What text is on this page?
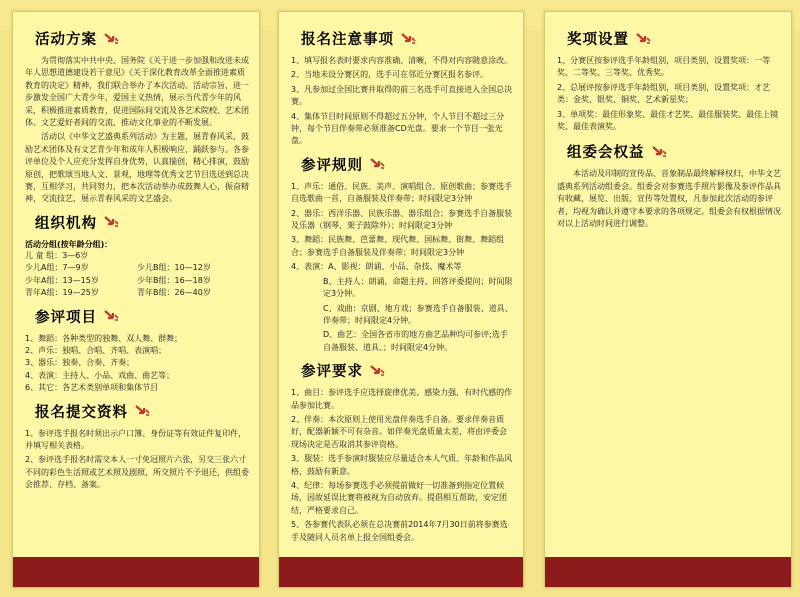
活动方案

为贯彻落实中共中央、国务院《关于进一步加强和改进未成年人思想道德建设若干意见》《关于深化教育改革全面推进素质教育的决定》精神，我们联合举办了本次活动。活动宗旨，进一步激发全国广大青少年，爱国主义热情，展示当代青少年的风采，积极推进素质教育，促进国际间交流及各艺术院校、艺术团体、文艺爱好者间的交流，推动文化事业的不断发展。

活动以《中华文艺盛典系列活动》为主题，展青春风采，鼓励艺术团体及有文艺青少年和成年人积极响应，踊跃参与。各参评单位及个人应充分发挥自身优势，认真揣创，精心排演，鼓励原创，把歌颂当地人文、景观，地理等优秀文艺节目选送到总决赛，互相学习，共同努力，把本次活动举办成鼓舞人心，振奋精神，交流技艺，展示青春风采的文艺盛会。

组织机构
活动分组(按年龄分组)：
儿 童 组：3—6岁
少儿A组：7—9岁	少儿B组：10—12岁
少年A组：13—15岁	少年B组：16—18岁
青年A组：19—25岁	青年B组：26—40岁
参评项目
1、舞蹈：各种类型的独舞、双人舞、群舞；
2、声乐：独唱、合唱、齐唱、表演唱；
3、器乐：独奏、合奏、齐奏；
4、表演：主持人、小品、戏曲、曲艺等；
6、其它：各艺术类别单项和集体节目
报名提交资料

1、参评选手报名时须出示户口簿、身份证等有效证件复印件，并填写相关表格。

2、参评选手报名时需交本人一寸免冠照片六张，另交三张六寸不同的彩色生活照或艺术照及剧照，所交照片不予退还，供组委会推荐、存档、备案。

报名注意事项

1、填写报名表时要求内容准确、清晰，不得对内容随意涂改。

2、当地未设分赛区的，选手可在邻近分赛区报名参评。

3、凡参加过全国比赛并取得的前三名选手可直接进入全国总决赛。

4、集体节目时间原则不得超过五分钟，个人节目不超过三分钟，每个节目伴奏带必须准备CD光盘。要求一个节目一张光盘。

参评规则

1、声乐：通俗、民族、美声、演唱组合、原创歌曲；参赛选手自选歌曲一首，自备服装及伴奏带；时间限定3分钟

2、器乐：西洋乐器、民族乐器、器乐组合；参赛选手自备服装及乐器（钢琴、架子鼓除外）；时间限定3分钟

3、舞蹈：民族舞、芭蕾舞、现代舞、国标舞、街舞、舞蹈组合；参赛选手自备服装及伴奏带；时间限定3分钟

4、表演：A、影视：朗诵、小品、杂技、魔术等

B、主持人：朗诵，命题主持、回答评委提问；时间限定3分钟。

C、戏曲：京剧、地方戏；参赛选手自备服装、道具、伴奏带；时间限定4分钟。

D、曲艺：全国各省市的地方曲艺品种均可参评;选手自备服装、道具、；时间限定4分钟。

参评要求

1、曲目：参评选手应选择旋律优美、感染力强，有时代感的作品参加比赛。

2、伴奏：本次原则上使用光盘伴奏选手自备。要求伴奏音质好，配器新颖不可有杂音。如伴奏光盘质量太差，将由评委会现场决定是否取消其参评资格。

3、服装：选手参演时服装应尽量适合本人气质、年龄和作品风格，鼓励有新意。

4、纪律：每场参赛选手必须提前做好一切准备到指定位置候场，因故延误比赛将被视为自动放弃。提倡相互帮助，安定团结，严格要求自己。

5、各参赛代表队必须在总决赛前2014年7月30日前将参赛选手及随同人员名单上报全国组委会。

奖项设置

1、分赛区按参评选手年龄组别，项目类别，设置奖项：一等奖、二等奖、三等奖、优秀奖。

2、总展评按参评选手年龄组别，项目类别，设置奖项：才艺类：金奖、银奖、铜奖、艺术新星奖；

3、单项奖：最佳形象奖、最佳才艺奖、最佳服装奖、最佳上镜奖、最佳表演奖。

组委会权益

本活动及印制的宣传品、音象制品最终解释权归，中华文艺盛典系列活动组委会。组委会对参赛选手照片影像及参评作品具有收藏、展览、出版、宣传等处置权，凡参加此次活动的参评者，均视为确认并遵守本要求的各项规定。组委会有权根据情况对以上活动时间进行调整。
